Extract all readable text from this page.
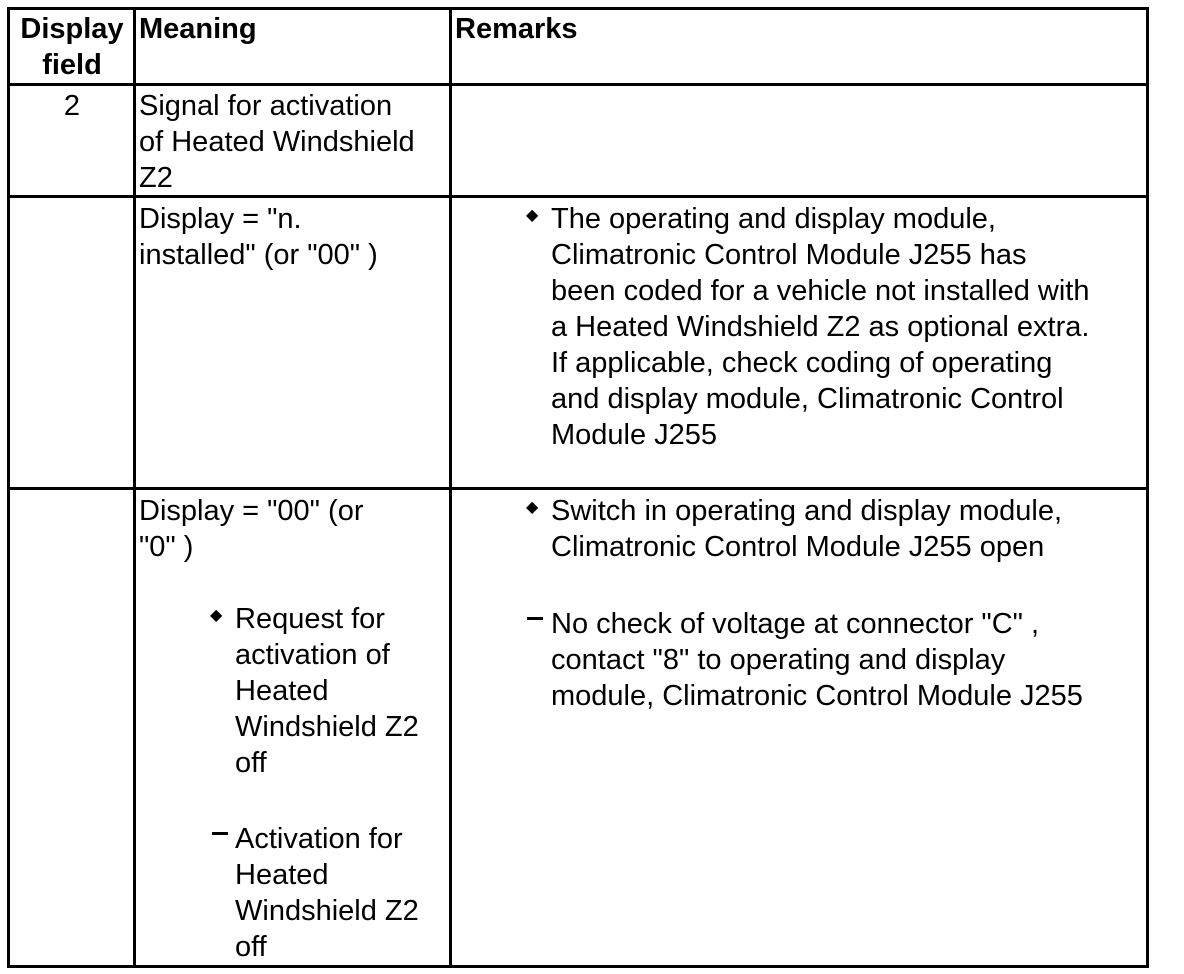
Display
field
Meaning	Remarks
2	Signal for activation
of Heated Windshield
Z2
Display = "n.
installed" (or "00" )
◆ The operating and display module,
Climatronic Control Module J255 has
been coded for a vehicle not installed with
a Heated Windshield Z2 as optional extra.
If applicable, check coding of operating
and display module, Climatronic Control
Module J255
Display = "00" (or
"0" )
◆ Request for
activation of
Heated
Windshield Z2
off
Activation for
Heated
Windshield Z2
off
◆ Switch in operating and display module,
Climatronic Control Module J255 open
No check of voltage at connector "C" ,
contact "8" to operating and display
module, Climatronic Control Module J255
